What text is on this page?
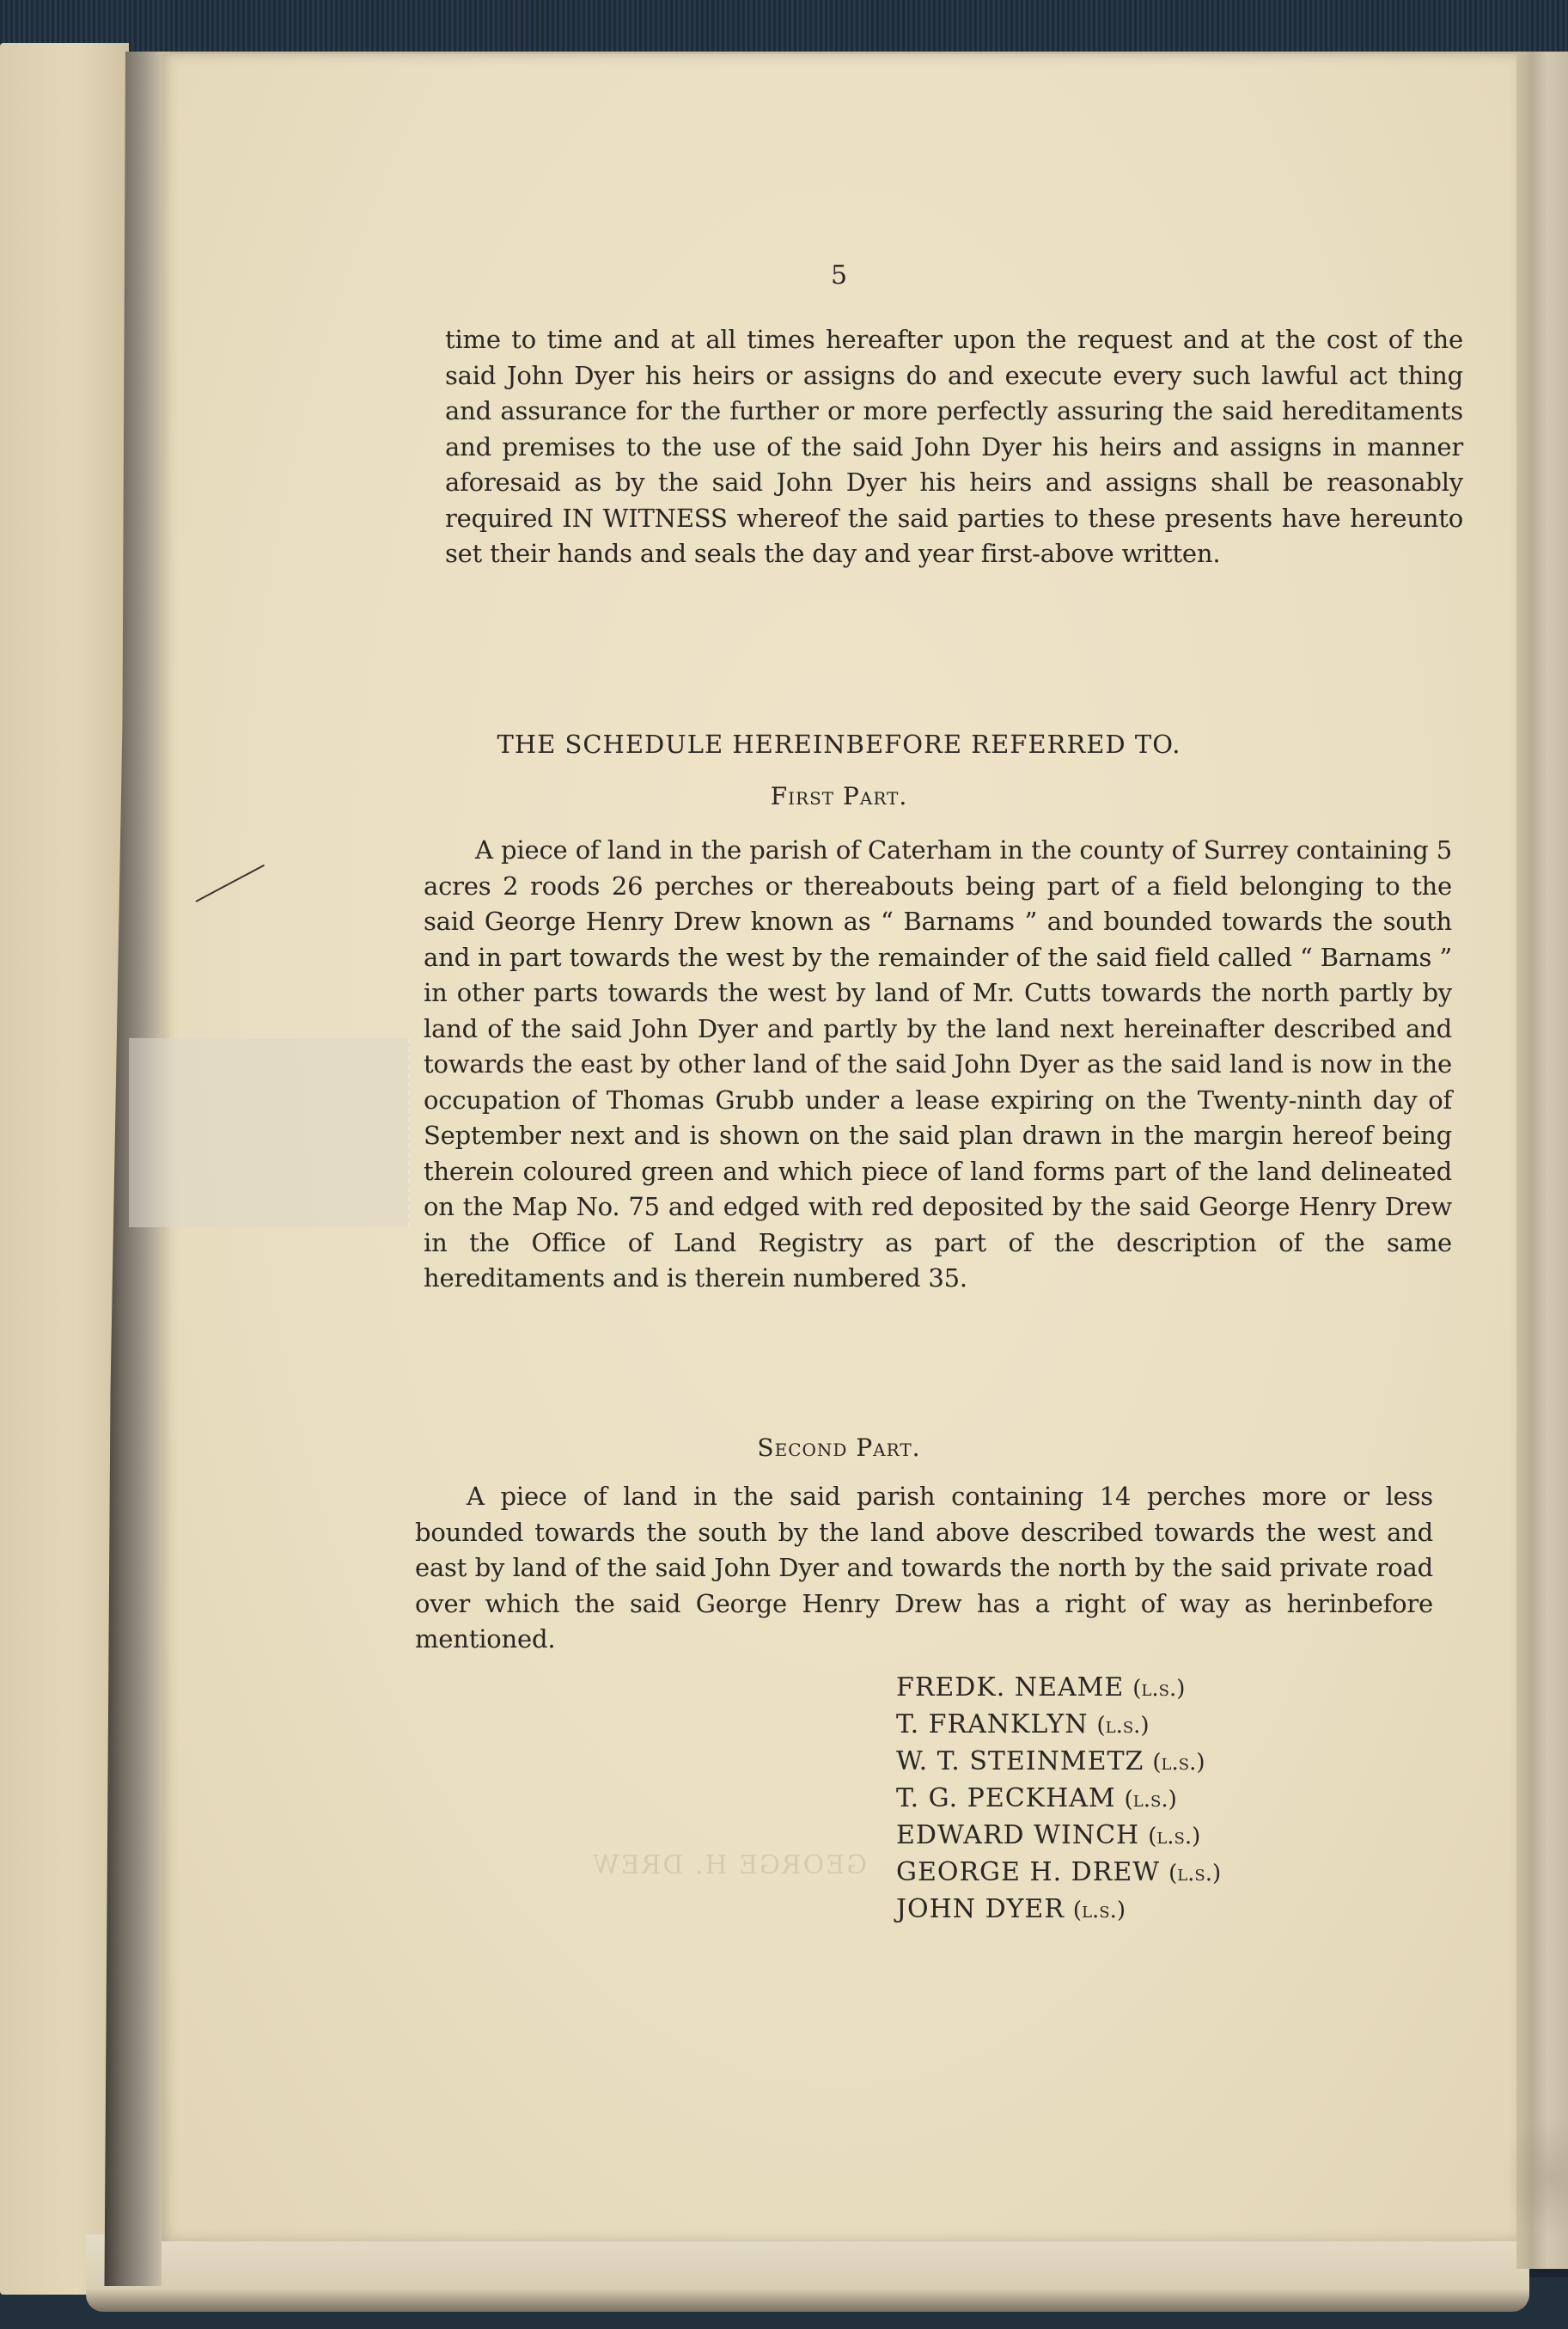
GEORGE H. DREW
5
time to time and at all times hereafter upon the request and at the cost of the said John Dyer his heirs or assigns do and execute every such lawful act thing and assurance for the further or more perfectly assuring the said hereditaments and premises to the use of the said John Dyer his heirs and assigns in manner aforesaid as by the said John Dyer his heirs and assigns shall be reasonably required IN WITNESS whereof the said parties to these presents have hereunto set their hands and seals the day and year first-above written.
THE SCHEDULE HEREINBEFORE REFERRED TO.
First Part.
A piece of land in the parish of Caterham in the county of Surrey containing 5 acres 2 roods 26 perches or thereabouts being part of a field belonging to the said George Henry Drew known as “ Barnams ” and bounded towards the south and in part towards the west by the remainder of the said field called “ Barnams ” in other parts towards the west by land of Mr. Cutts towards the north partly by land of the said John Dyer and partly by the land next hereinafter described and towards the east by other land of the said John Dyer as the said land is now in the occupation of Thomas Grubb under a lease expiring on the Twenty-ninth day of September next and is shown on the said plan drawn in the margin hereof being therein coloured green and which piece of land forms part of the land delineated on the Map No. 75 and edged with red deposited by the said George Henry Drew in the Office of Land Registry as part of the description of the same hereditaments and is therein numbered 35.
Second Part.
A piece of land in the said parish containing 14 perches more or less bounded towards the south by the land above described towards the west and east by land of the said John Dyer and towards the north by the said private road over which the said George Henry Drew has a right of way as herinbefore mentioned.
FREDK. NEAME (l.s.)
T. FRANKLYN (l.s.)
W. T. STEINMETZ (l.s.)
T. G. PECKHAM (l.s.)
EDWARD WINCH (l.s.)
GEORGE H. DREW (l.s.)
JOHN DYER (l.s.)
